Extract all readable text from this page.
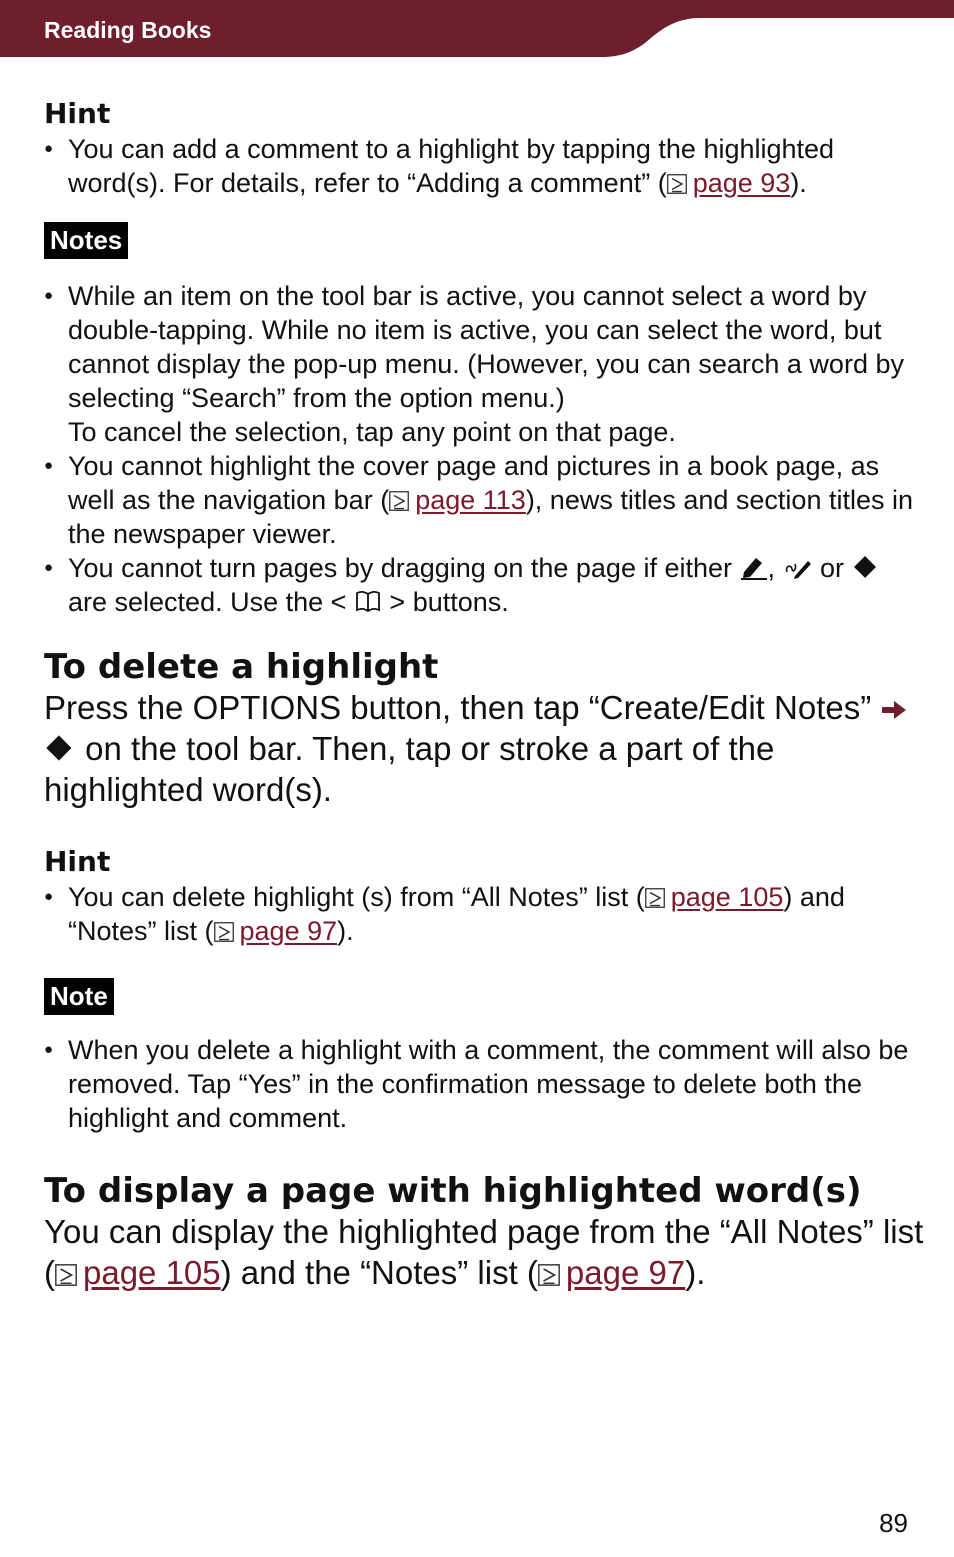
Reading Books
Hint
● You can add a comment to a highlight by tapping the highlighted word(s). For details, refer to “Adding a comment” ( page 93).
Notes
● While an item on the tool bar is active, you cannot select a word by double-tapping. While no item is active, you can select the word, but cannot display the pop-up menu. (However, you can search a word by selecting “Search” from the option menu.)
To cancel the selection, tap any point on that page.
● You cannot highlight the cover page and pictures in a book page, as well as the navigation bar ( page 113), news titles and section titles in the newspaper viewer.
● You cannot turn pages by dragging on the page if either ,  or  are selected. Use the <  > buttons.
To delete a highlight
Press the OPTIONS button, then tap “Create/Edit Notes”   on the tool bar. Then, tap or stroke a part of the highlighted word(s).
Hint
● You can delete highlight (s) from “All Notes” list ( page 105) and “Notes” list ( page 97).
Note
● When you delete a highlight with a comment, the comment will also be removed. Tap “Yes” in the confirmation message to delete both the highlight and comment.
To display a page with highlighted word(s)
You can display the highlighted page from the “All Notes” list ( page 105) and the “Notes” list ( page 97).
89
